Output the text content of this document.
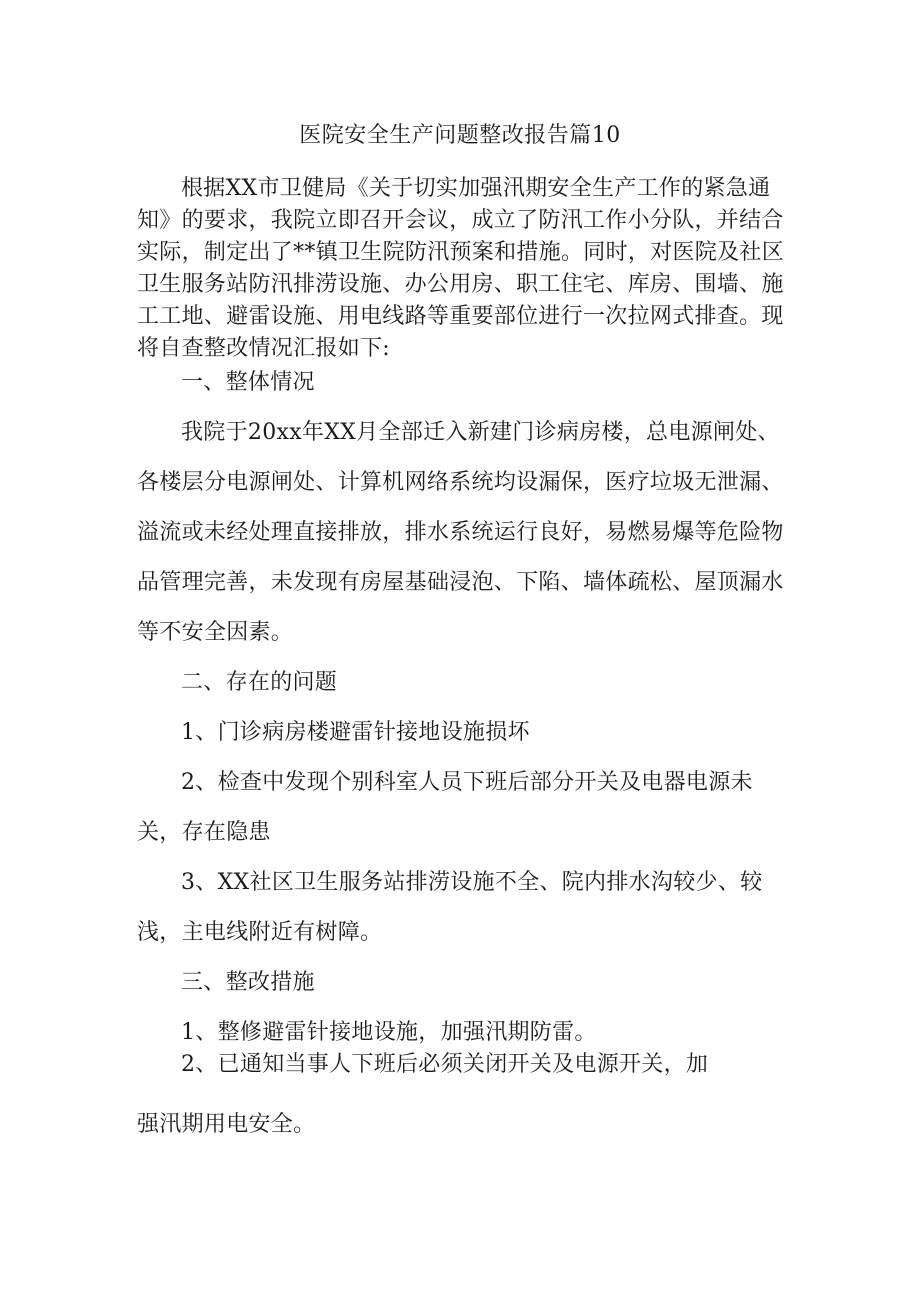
医院安全生产问题整改报告篇10

根据XX市卫健局《关于切实加强汛期安全生产工作的紧急通知》的要求，我院立即召开会议，成立了防汛工作小分队，并结合实际，制定出了**镇卫生院防汛预案和措施。同时，对医院及社区卫生服务站防汛排涝设施、办公用房、职工住宅、库房、围墙、施工工地、避雷设施、用电线路等重要部位进行一次拉网式排查。现将自查整改情况汇报如下:

一、整体情况

我院于20xx年XX月全部迁入新建门诊病房楼，总电源闸处、各楼层分电源闸处、计算机网络系统均设漏保，医疗垃圾无泄漏、溢流或未经处理直接排放，排水系统运行良好，易燃易爆等危险物品管理完善，未发现有房屋基础浸泡、下陷、墙体疏松、屋顶漏水等不安全因素。

二、存在的问题

1、门诊病房楼避雷针接地设施损坏

2、检查中发现个别科室人员下班后部分开关及电器电源未关，存在隐患

3、XX社区卫生服务站排涝设施不全、院内排水沟较少、较浅，主电线附近有树障。

三、整改措施

1、整修避雷针接地设施，加强汛期防雷。

2、已通知当事人下班后必须关闭开关及电源开关，加

强汛期用电安全。
